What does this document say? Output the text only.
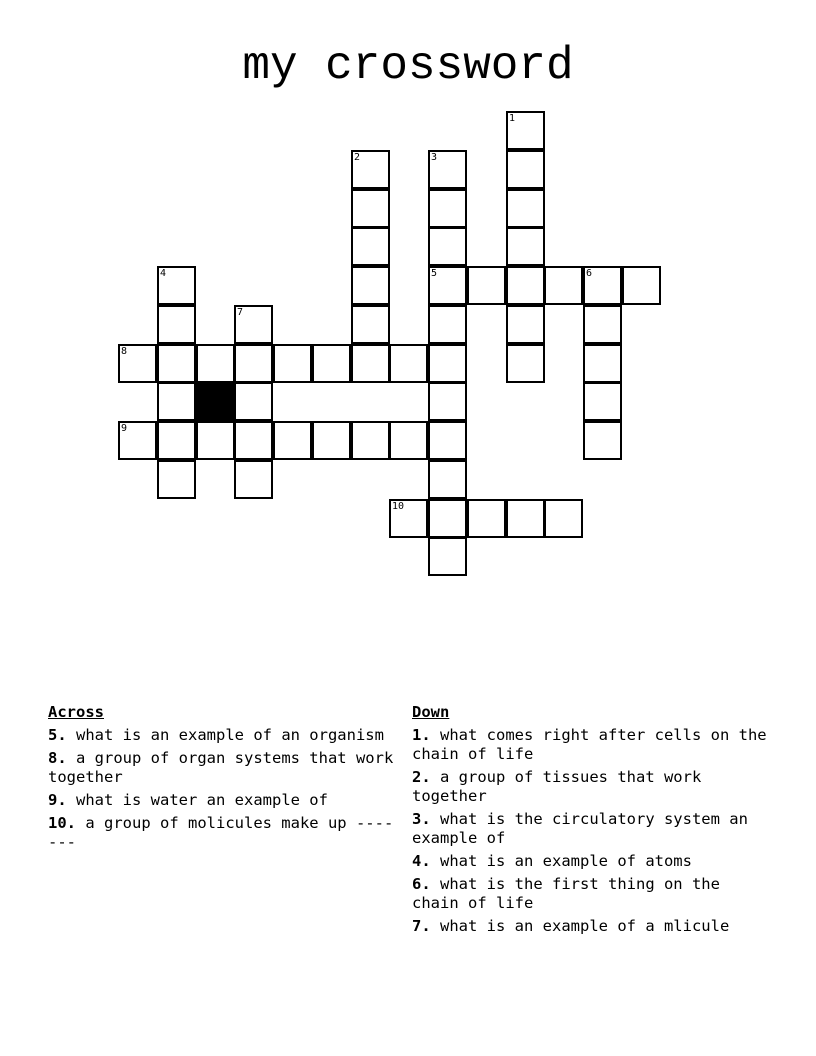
my crossword
1
2	3
5	6
4
7
8
9
10
Across
5. what is an example of an organism
8. a group of organ systems that work together
9. what is water an example of
10. a group of molicules make up -------
Down
1. what comes right after cells on the chain of life
2. a group of tissues that work together
3. what is the circulatory system an example of
4. what is an example of atoms
6. what is the first thing on the chain of life
7. what is an example of a mlicule
